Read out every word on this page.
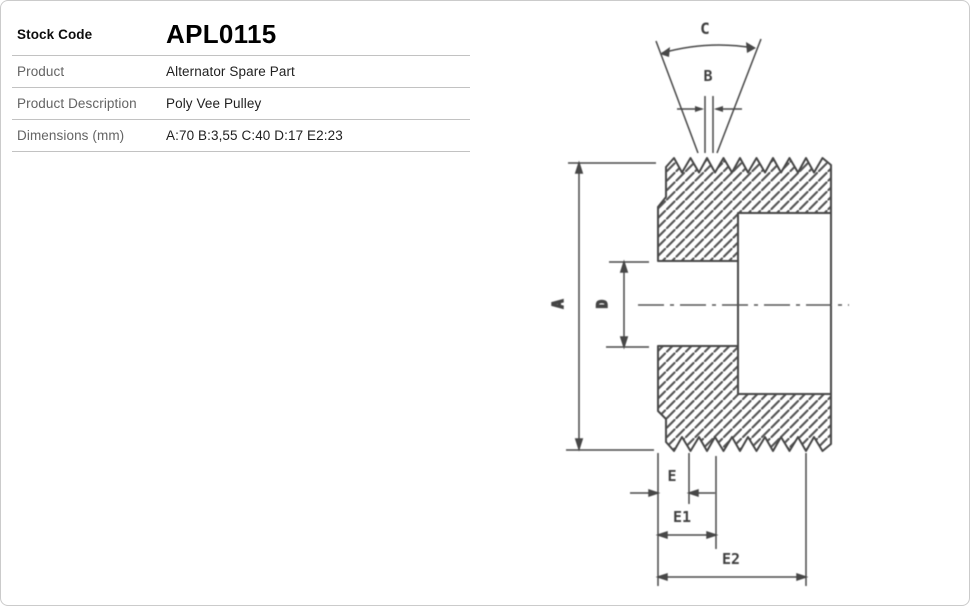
Stock Code	APL0115
Product	Alternator Spare Part
Product Description	Poly Vee Pulley
Dimensions (mm)	A:70 B:3,55 C:40 D:17 E2:23
A D
C
B
E
E1
E2
